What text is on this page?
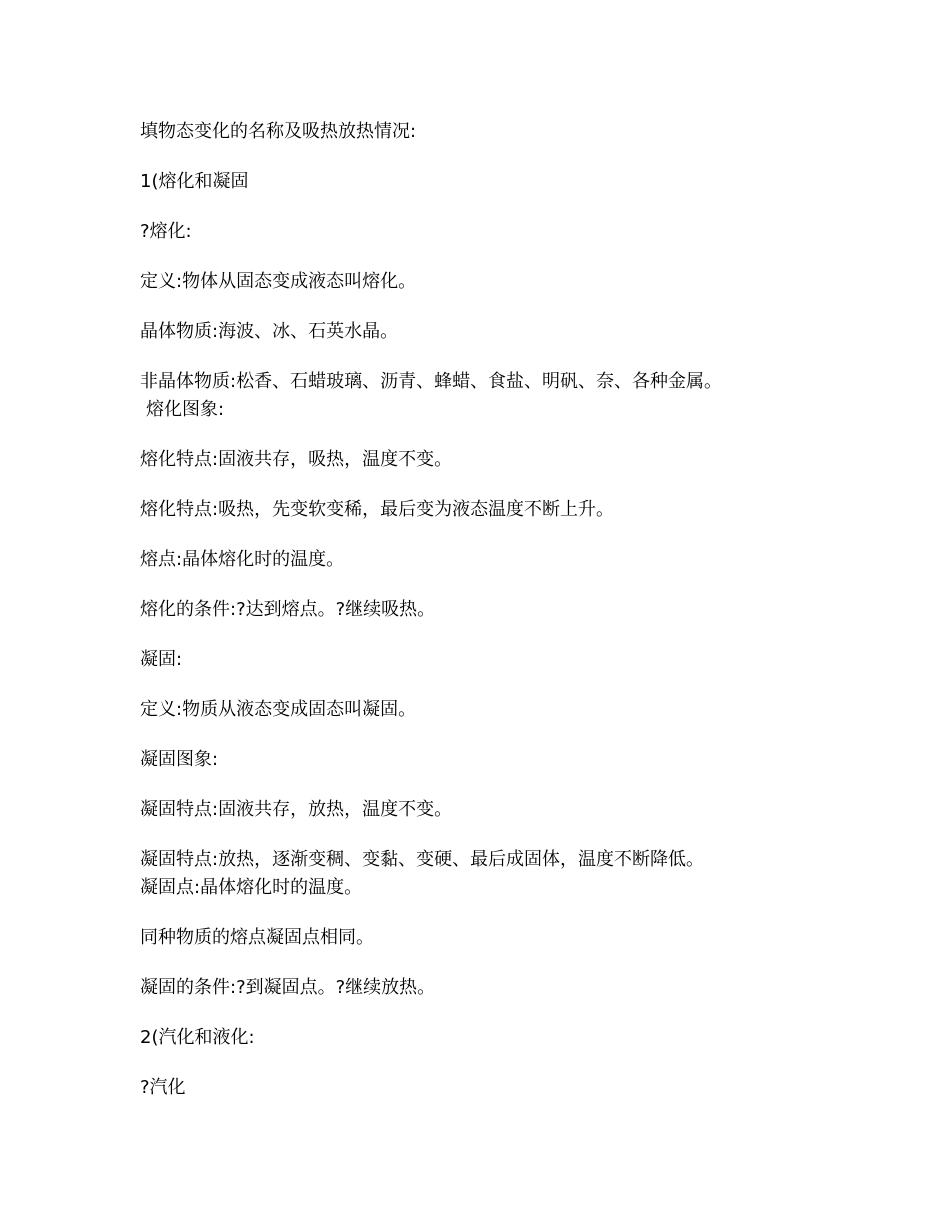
填物态变化的名称及吸热放热情况:

1(熔化和凝固

?熔化:

定义:物体从固态变成液态叫熔化。

晶体物质:海波、冰、石英水晶。

非晶体物质:松香、石蜡玻璃、沥青、蜂蜡、食盐、明矾、奈、各种金属。

熔化图象:

熔化特点:固液共存，吸热，温度不变。

熔化特点:吸热，先变软变稀，最后变为液态温度不断上升。

熔点:晶体熔化时的温度。

熔化的条件:?达到熔点。?继续吸热。

凝固:

定义:物质从液态变成固态叫凝固。

凝固图象:

凝固特点:固液共存，放热，温度不变。

凝固特点:放热，逐渐变稠、变黏、变硬、最后成固体，温度不断降低。

凝固点:晶体熔化时的温度。

同种物质的熔点凝固点相同。

凝固的条件:?到凝固点。?继续放热。

2(汽化和液化:

?汽化
